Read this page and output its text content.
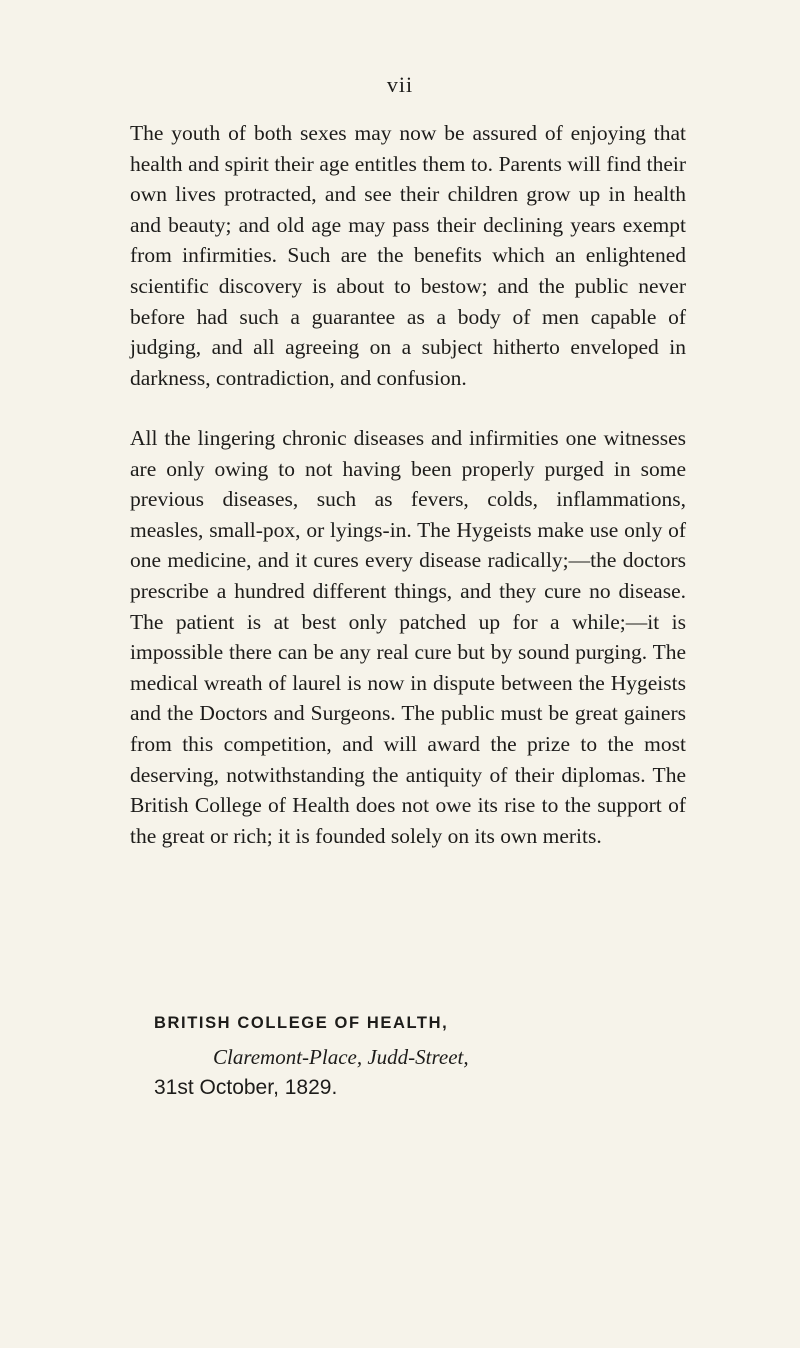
vii

The youth of both sexes may now be assured of enjoying that health and spirit their age entitles them to. Parents will find their own lives protracted, and see their children grow up in health and beauty; and old age may pass their declining years exempt from infirmities. Such are the benefits which an enlightened scientific discovery is about to bestow; and the public never before had such a guarantee as a body of men capable of judging, and all agreeing on a subject hitherto enveloped in darkness, contradiction, and confusion.

All the lingering chronic diseases and infirmities one witnesses are only owing to not having been properly purged in some previous diseases, such as fevers, colds, inflammations, measles, small-pox, or lyings-in. The Hygeists make use only of one medicine, and it cures every disease radically;—the doctors prescribe a hundred different things, and they cure no disease. The patient is at best only patched up for a while;—it is impossible there can be any real cure but by sound purging. The medical wreath of laurel is now in dispute between the Hygeists and the Doctors and Surgeons. The public must be great gainers from this competition, and will award the prize to the most deserving, notwithstanding the antiquity of their diplomas. The British College of Health does not owe its rise to the support of the great or rich; it is founded solely on its own merits.

BRITISH COLLEGE OF HEALTH,
Claremont-Place, Judd-Street,
31st October, 1829.
